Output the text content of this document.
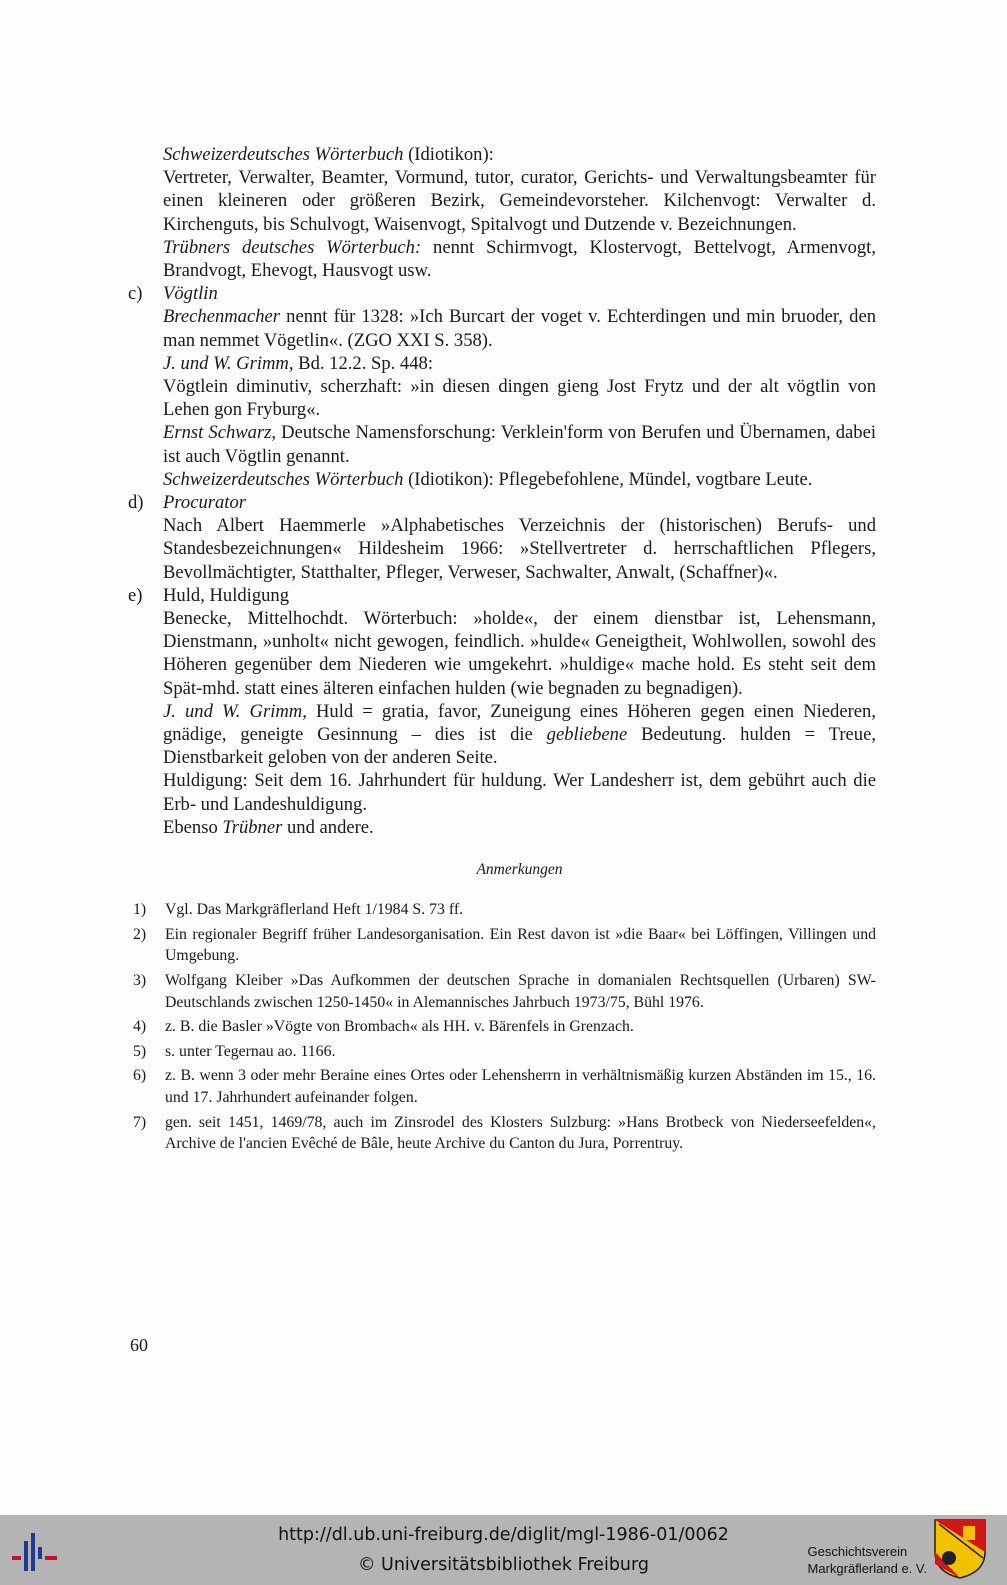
Schweizerdeutsches Wörterbuch (Idiotikon):
Vertreter, Verwalter, Beamter, Vormund, tutor, curator, Gerichts- und Verwaltungsbeamter für einen kleineren oder größeren Bezirk, Gemeindevorsteher. Kilchenvogt: Verwalter d. Kirchenguts, bis Schulvogt, Waisenvogt, Spitalvogt und Dutzende v. Bezeichnungen.
Trübners deutsches Wörterbuch: nennt Schirmvogt, Klostervogt, Bettelvogt, Armenvogt, Brandvogt, Ehevogt, Hausvogt usw.
c) Vögtlin
Brechenmacher nennt für 1328: »Ich Burcart der voget v. Echterdingen und min bruoder, den man nemmet Vögetlin«. (ZGO XXI S. 358).
J. und W. Grimm, Bd. 12.2. Sp. 448:
Vögtlein diminutiv, scherzhaft: »in diesen dingen gieng Jost Frytz und der alt vögtlin von Lehen gon Fryburg«.
Ernst Schwarz, Deutsche Namensforschung: Verklein'form von Berufen und Übernamen, dabei ist auch Vögtlin genannt.
Schweizerdeutsches Wörterbuch (Idiotikon): Pflegebefohlene, Mündel, vogtbare Leute.
d) Procurator
Nach Albert Haemmerle »Alphabetisches Verzeichnis der (historischen) Berufs- und Standesbezeichnungen« Hildesheim 1966: »Stellvertreter d. herrschaftlichen Pflegers, Bevollmächtigter, Statthalter, Pfleger, Verweser, Sachwalter, Anwalt, (Schaffner)«.
e) Huld, Huldigung
Benecke, Mittelhochdt. Wörterbuch: »holde«, der einem dienstbar ist, Lehensmann, Dienstmann, »unholt« nicht gewogen, feindlich. »hulde« Geneigtheit, Wohlwollen, sowohl des Höheren gegenüber dem Niederen wie umgekehrt. »huldige« mache hold. Es steht seit dem Spät-mhd. statt eines älteren einfachen hulden (wie begnaden zu begnadigen).
J. und W. Grimm, Huld = gratia, favor, Zuneigung eines Höheren gegen einen Niederen, gnädige, geneigte Gesinnung – dies ist die gebliebene Bedeutung. hulden = Treue, Dienstbarkeit geloben von der anderen Seite.
Huldigung: Seit dem 16. Jahrhundert für huldung. Wer Landesherr ist, dem gebührt auch die Erb- und Landeshuldigung.
Ebenso Trübner und andere.
Anmerkungen
1) Vgl. Das Markgräflerland Heft 1/1984 S. 73 ff.
2) Ein regionaler Begriff früher Landesorganisation. Ein Rest davon ist »die Baar« bei Löffingen, Villingen und Umgebung.
3) Wolfgang Kleiber »Das Aufkommen der deutschen Sprache in domanialen Rechtsquellen (Urbaren) SW-Deutschlands zwischen 1250-1450« in Alemannisches Jahrbuch 1973/75, Bühl 1976.
4) z. B. die Basler »Vögte von Brombach« als HH. v. Bärenfels in Grenzach.
5) s. unter Tegernau ao. 1166.
6) z. B. wenn 3 oder mehr Beraine eines Ortes oder Lehensherrn in verhältnismäßig kurzen Abständen im 15., 16. und 17. Jahrhundert aufeinander folgen.
7) gen. seit 1451, 1469/78, auch im Zinsrodel des Klosters Sulzburg: »Hans Brotbeck von Niederseefelden«, Archive de l'ancien Evêché de Bâle, heute Archive du Canton du Jura, Porrentruy.
60
http://dl.ub.uni-freiburg.de/diglit/mgl-1986-01/0062
© Universitätsbibliothek Freiburg
Geschichtsverein
Markgräflerland e. V.
